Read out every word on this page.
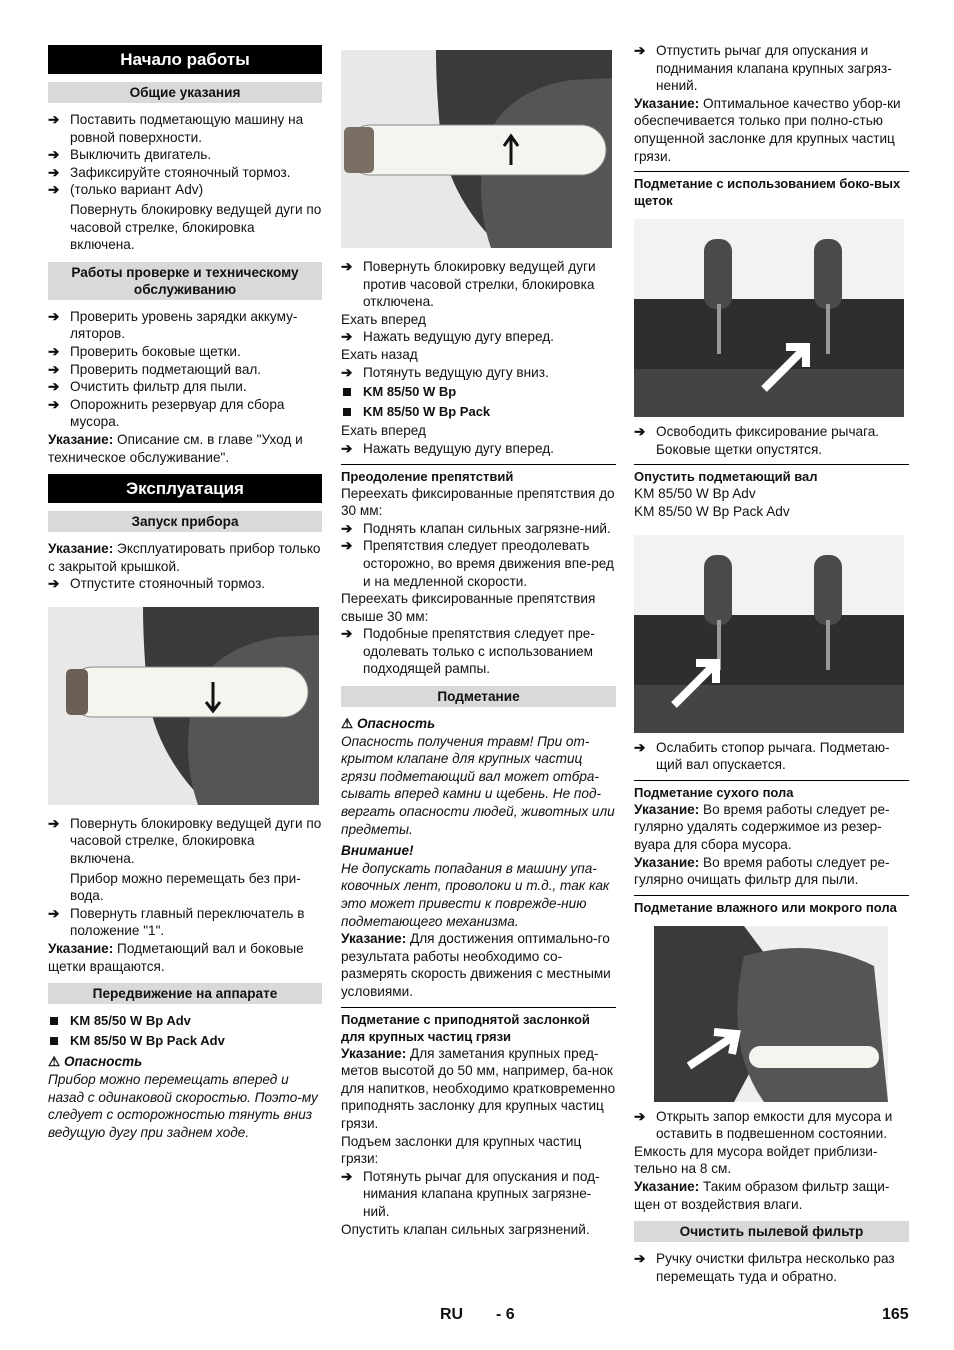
Начало работы
Общие указания
➔ Поставить подметающую машину на ровной поверхности.
➔ Выключить двигатель.
➔ Зафиксируйте стояночный тормоз.
➔ (только вариант Adv)

Повернуть блокировку ведущей дуги по часовой стрелке, блокировка включена.

Работы проверке и техническому обслуживанию
➔ Проверить уровень зарядки аккуму-ляторов.
➔ Проверить боковые щетки.
➔ Проверить подметающий вал.
➔ Очистить фильтр для пыли.
➔ Опорожнить резервуар для сбора мусора.

Указание: Описание см. в главе "Уход и техническое обслуживание".

Эксплуатация
Запуск прибора

Указание: Эксплуатировать прибор только с закрытой крышкой.

➔ Отпустите стояночный тормоз.
➔ Повернуть блокировку ведущей дуги по часовой стрелке, блокировка включена.

Прибор можно перемещать без при-вода.

➔ Повернуть главный переключатель в положение "1".

Указание: Подметающий вал и боковые щетки вращаются.

Передвижение на аппарате
KM 85/50 W Bp Adv
KM 85/50 W Bp Pack Adv

⚠ Опасность

Прибор можно перемещать вперед и назад с одинаковой скоростью. Поэто-му следует с осторожностью тянуть вниз ведущую дугу при заднем ходе.

➔ Повернуть блокировку ведущей дуги против часовой стрелки, блокировка отключена.

Ехать вперед

➔ Нажать ведущую дугу вперед.

Ехать назад

➔ Потянуть ведущую дугу вниз.
KM 85/50 W Bp
KM 85/50 W Bp Pack

Ехать вперед

➔ Нажать ведущую дугу вперед.
Преодоление препятствий

Переехать фиксированные препятствия до 30 мм:

➔ Поднять клапан сильных загрязне-ний.
➔ Препятствия следует преодолевать осторожно, во время движения впе-ред и на медленной скорости.

Переехать фиксированные препятствия свыше 30 мм:

➔ Подобные препятствия следует пре-одолевать только с использованием подходящей рампы.
Подметание

⚠ Опасность

Опасность получения травм! При от-крытом клапане для крупных частиц грязи подметающий вал может отбра-сывать вперед камни и щебень. Не под-вергать опасности людей, животных или предметы.

Внимание!

Не допускать попадания в машину упа-ковочных лент, проволоки и т.д., так как это может привести к поврежде-нию подметающего механизма.

Указание: Для достижения оптимально-го результата работы необходимо со-размерять скорость движения с местными условиями.

Подметание с приподнятой заслонкой для крупных частиц грязи

Указание: Для заметания крупных пред-метов высотой до 50 мм, например, ба-нок для напитков, необходимо кратковременно приподнять заслонку для крупных частиц грязи.

Подъем заслонки для крупных частиц грязи:

➔ Потянуть рычаг для опускания и под-нимания клапана крупных загрязне-ний.

Опустить клапан сильных загрязнений.

➔ Отпустить рычаг для опускания и поднимания клапана крупных загряз-нений.

Указание: Оптимальное качество убор-ки обеспечивается только при полно-стью опущенной заслонке для крупных частиц грязи.

Подметание с использованием боко-вых щеток
➔ Освободить фиксирование рычага. Боковые щетки опустятся.
Опустить подметающий вал

KM 85/50 W Bp Adv

KM 85/50 W Bp Pack Adv

➔ Ослабить стопор рычага. Подметаю-щий вал опускается.
Подметание сухого пола

Указание: Во время работы следует ре-гулярно удалять содержимое из резер-вуара для сбора мусора.

Указание: Во время работы следует ре-гулярно очищать фильтр для пыли.

Подметание влажного или мокрого пола
➔ Открыть запор емкости для мусора и оставить в подвешенном состоянии.

Емкость для мусора войдет приблизи-тельно на 8 см.

Указание: Таким образом фильтр защи-щен от воздействия влаги.

Очистить пылевой фильтр
➔ Ручку очистки фильтра несколько раз перемещать туда и обратно.
RU - 6	165
